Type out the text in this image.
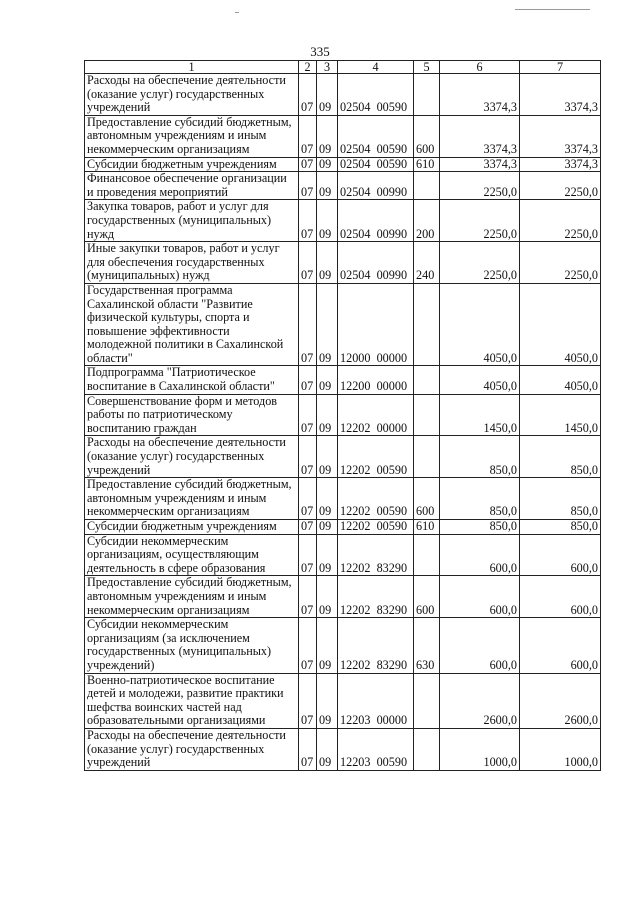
335
1	2	3	4	5	6	7
Расходы на обеспечение деятельности (оказание услуг) государственных учреждений	07	09	02504  00590		3374,3	3374,3
Предоставление субсидий бюджетным, автономным учреждениям и иным некоммерческим организациям	07	09	02504  00590	600	3374,3	3374,3
Субсидии бюджетным учреждениям	07	09	02504  00590	610	3374,3	3374,3
Финансовое обеспечение организации и проведения мероприятий	07	09	02504  00990		2250,0	2250,0
Закупка товаров, работ и услуг для государственных (муниципальных) нужд	07	09	02504  00990	200	2250,0	2250,0
Иные закупки товаров, работ и услуг для обеспечения государственных (муниципальных) нужд	07	09	02504  00990	240	2250,0	2250,0
Государственная программа Сахалинской области "Развитие физической культуры, спорта и повышение эффективности молодежной политики в Сахалинской области"	07	09	12000  00000		4050,0	4050,0
Подпрограмма "Патриотическое воспитание в Сахалинской области"	07	09	12200  00000		4050,0	4050,0
Совершенствование форм и методов работы по патриотическому воспитанию граждан	07	09	12202  00000		1450,0	1450,0
Расходы на обеспечение деятельности (оказание услуг) государственных учреждений	07	09	12202  00590		850,0	850,0
Предоставление субсидий бюджетным, автономным учреждениям и иным некоммерческим организациям	07	09	12202  00590	600	850,0	850,0
Субсидии бюджетным учреждениям	07	09	12202  00590	610	850,0	850,0
Субсидии некоммерческим организациям, осуществляющим деятельность в сфере образования	07	09	12202  83290		600,0	600,0
Предоставление субсидий бюджетным, автономным учреждениям и иным некоммерческим организациям	07	09	12202  83290	600	600,0	600,0
Субсидии некоммерческим организациям (за исключением государственных (муниципальных) учреждений)	07	09	12202  83290	630	600,0	600,0
Военно-патриотическое воспитание детей и молодежи, развитие практики шефства воинских частей над образовательными организациями	07	09	12203  00000		2600,0	2600,0
Расходы на обеспечение деятельности (оказание услуг) государственных учреждений	07	09	12203  00590		1000,0	1000,0
